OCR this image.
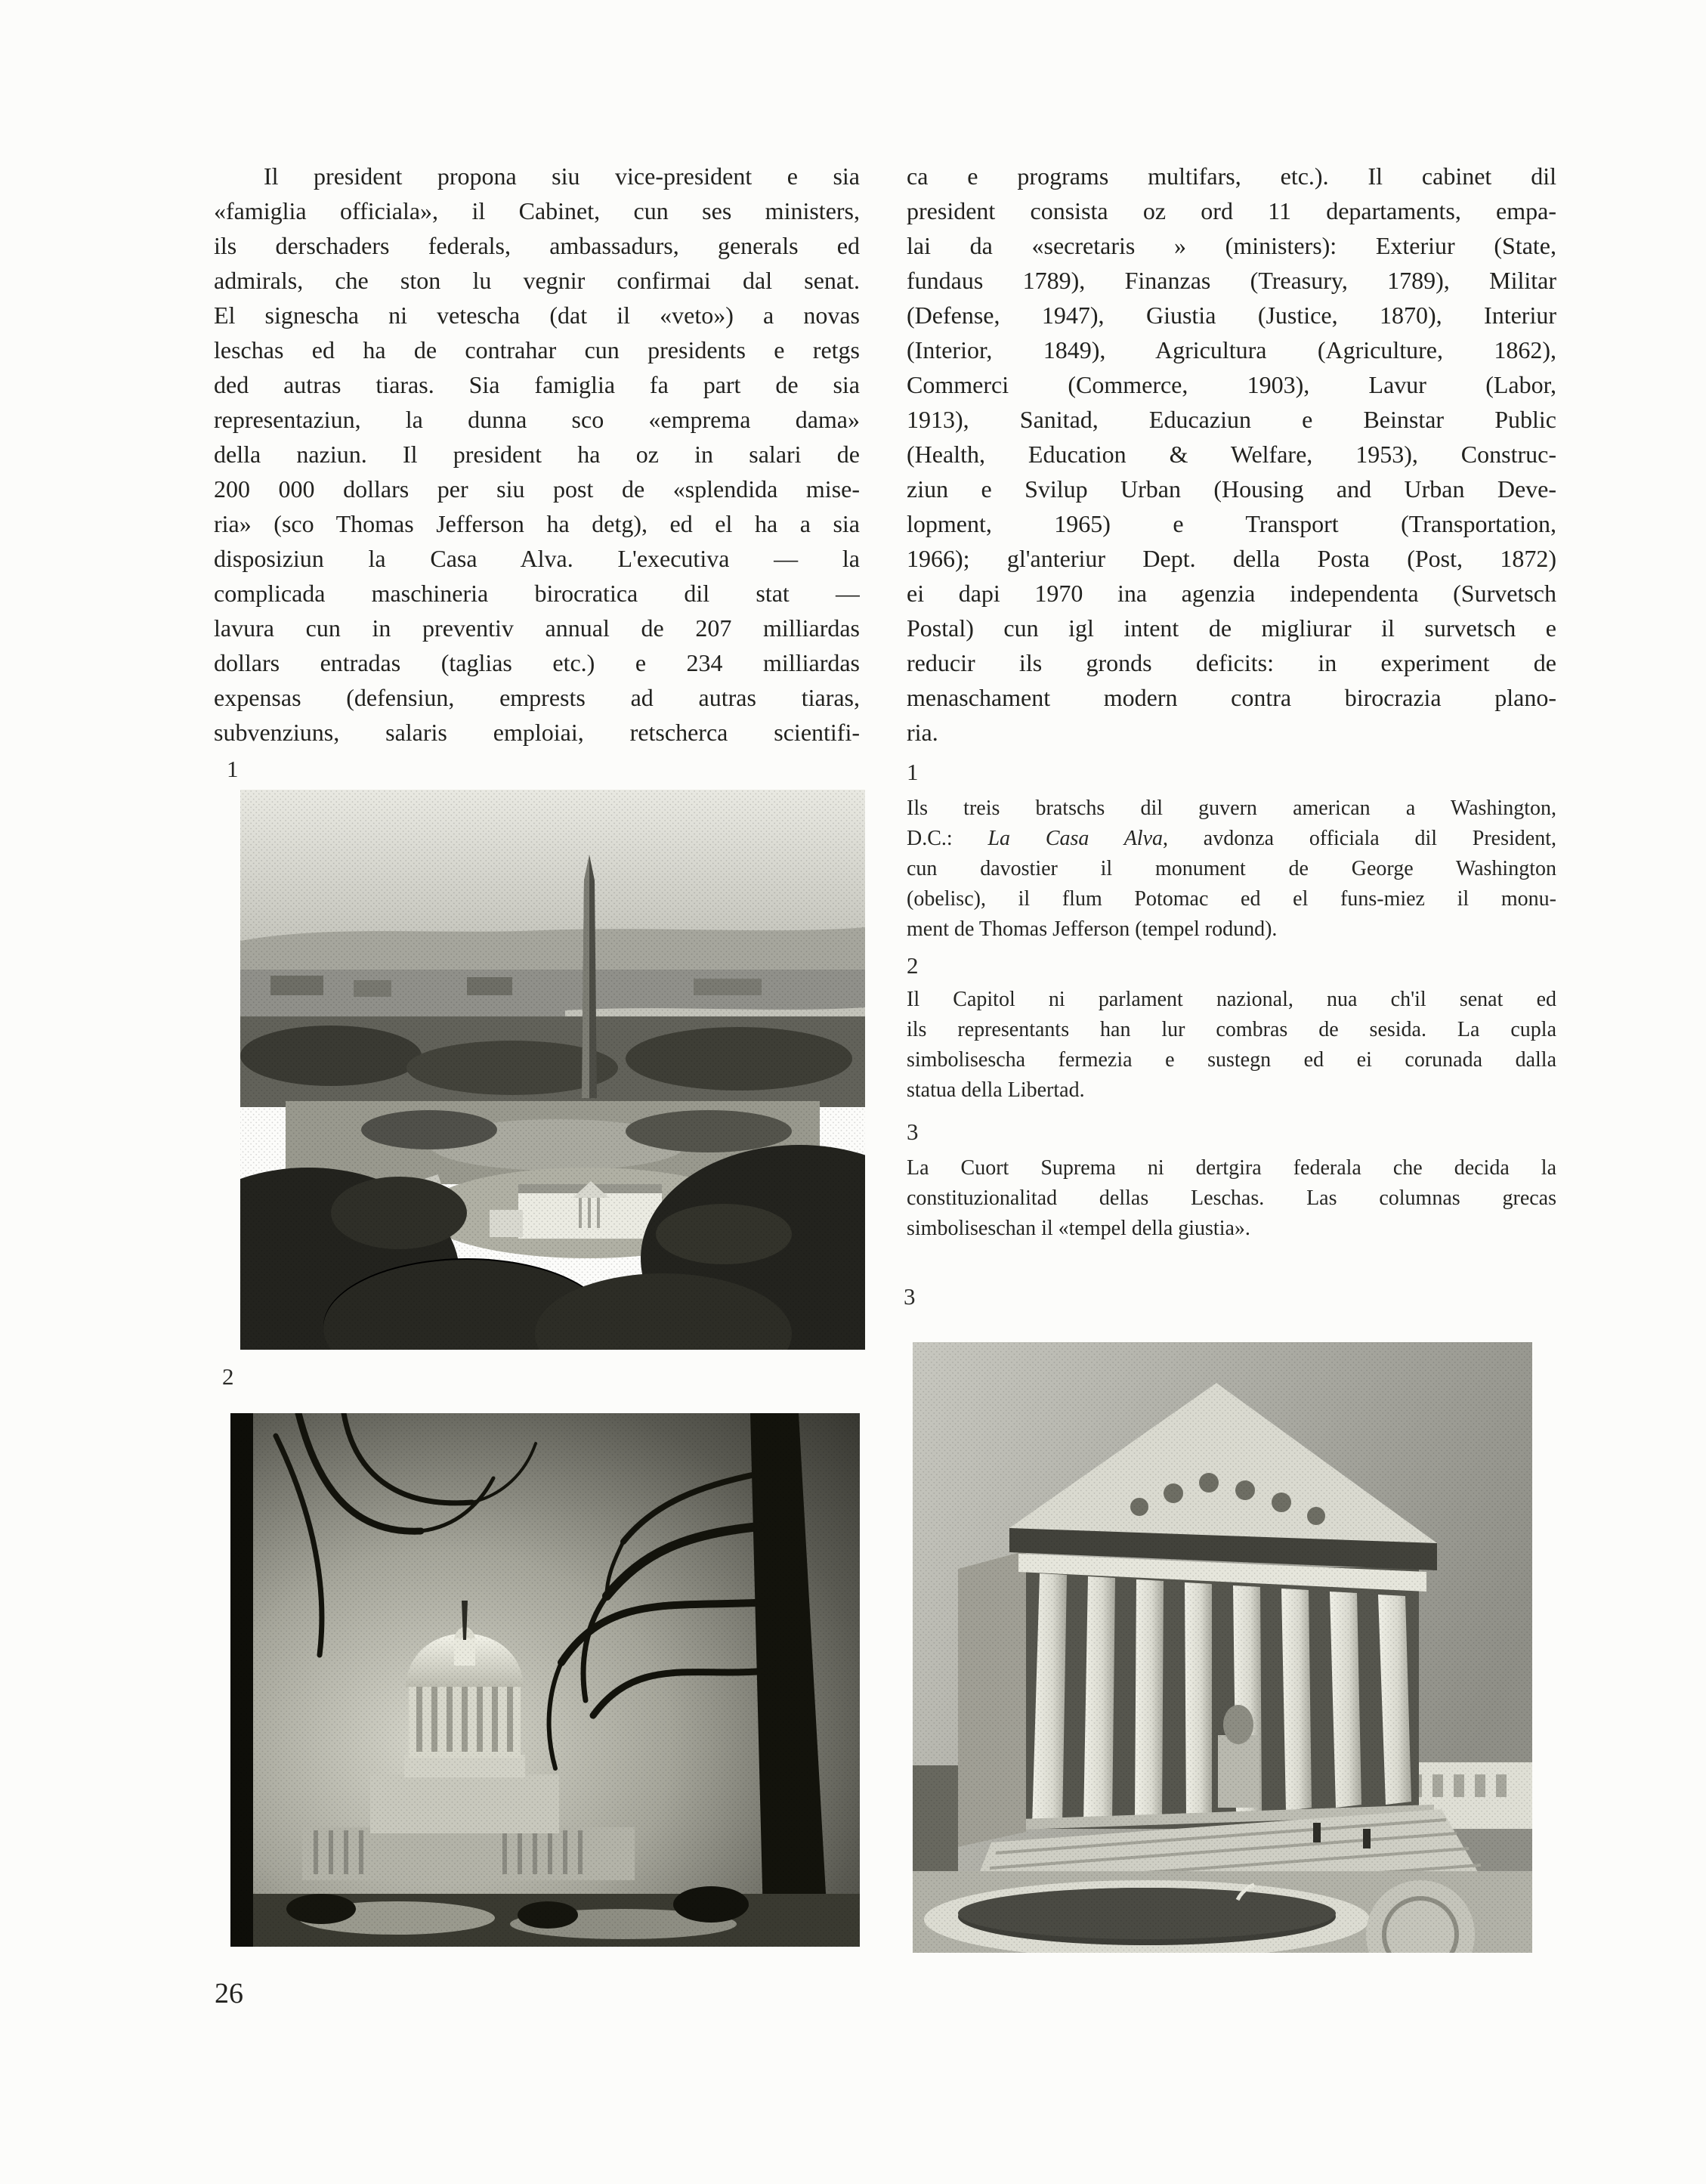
Il president propona siu vice-president e sia
«famiglia officiala», il Cabinet, cun ses ministers,
ils derschaders federals, ambassadurs, generals ed
admirals, che ston lu vegnir confirmai dal senat.
El signescha ni vetescha (dat il «veto») a novas
leschas ed ha de contrahar cun presidents e retgs
ded autras tiaras. Sia famiglia fa part de sia
representaziun, la dunna sco «emprema dama»
della naziun. Il president ha oz in salari de
200 000 dollars per siu post de «splendida mise-
ria» (sco Thomas Jefferson ha detg), ed el ha a sia
disposiziun la Casa Alva. L'executiva — la
complicada maschineria birocratica dil stat —
lavura cun in preventiv annual de 207 milliardas
dollars entradas (taglias etc.) e 234 milliardas
expensas (defensiun, emprests ad autras tiaras,
subvenziuns, salaris emploiai, retscherca scientifi-
ca e programs multifars, etc.). Il cabinet dil
president consista oz ord 11 departaments, empa-
lai da «secretaris » (ministers): Exteriur (State,
fundaus 1789), Finanzas (Treasury, 1789), Militar
(Defense, 1947), Giustia (Justice, 1870), Interiur
(Interior, 1849), Agricultura (Agriculture, 1862),
Commerci (Commerce, 1903), Lavur (Labor,
1913), Sanitad, Educaziun e Beinstar Public
(Health, Education & Welfare, 1953), Construc-
ziun e Svilup Urban (Housing and Urban Deve-
lopment, 1965) e Transport (Transportation,
1966); gl'anteriur Dept. della Posta (Post, 1872)
ei dapi 1970 ina agenzia independenta (Survetsch
Postal) cun igl intent de migliurar il survetsch e
reducir ils gronds deficits: in experiment de
menaschament modern contra birocrazia plano-
ria.
1
2
1
Ils treis bratschs dil guvern american a Washington,
D.C.: La Casa Alva, avdonza officiala dil President,
cun davostier il monument de George Washington
(obelisc), il flum Potomac ed el funs-miez il monu-
ment de Thomas Jefferson (tempel rodund).
2
Il Capitol ni parlament nazional, nua ch'il senat ed
ils representants han lur combras de sesida. La cupla
simbolisescha fermezia e sustegn ed ei corunada dalla
statua della Libertad.
3
La Cuort Suprema ni dertgira federala che decida la
constituzionalitad dellas Leschas. Las columnas grecas
simboliseschan il «tempel della giustia».
3
26
